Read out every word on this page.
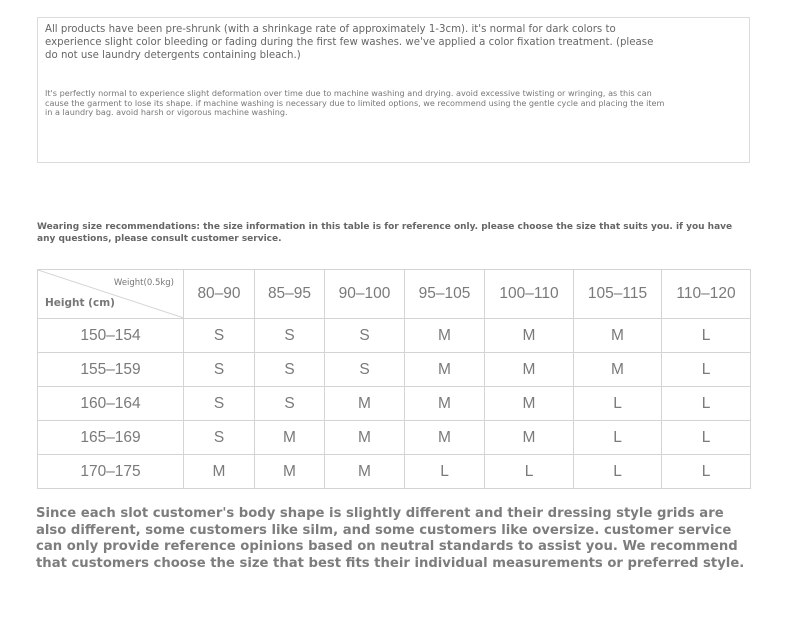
All products have been pre-shrunk (with a shrinkage rate of approximately 1-3cm). it's normal for dark colors to experience slight color bleeding or fading during the first few washes. we've applied a color fixation treatment. (please do not use laundry detergents containing bleach.)

It's perfectly normal to experience slight deformation over time due to machine washing and drying. avoid excessive twisting or wringing, as this can cause the garment to lose its shape. if machine washing is necessary due to limited options, we recommend using the gentle cycle and placing the item in a laundry bag. avoid harsh or vigorous machine washing.

Wearing size recommendations: the size information in this table is for reference only. please choose the size that suits you. if you have any questions, please consult customer service.

Weight(0.5kg)
Height (cm)	80–90	85–95	90–100	95–105	100–110	105–115	110–120
150–154	S	S	S	M	M	M	L
155–159	S	S	S	M	M	M	L
160–164	S	S	M	M	M	L	L
165–169	S	M	M	M	M	L	L
170–175	M	M	M	L	L	L	L

Since each slot customer's body shape is slightly different and their dressing style grids are also different, some customers like silm, and some customers like oversize. customer service can only provide reference opinions based on neutral standards to assist you. We recommend that customers choose the size that best fits their individual measurements or preferred style.
